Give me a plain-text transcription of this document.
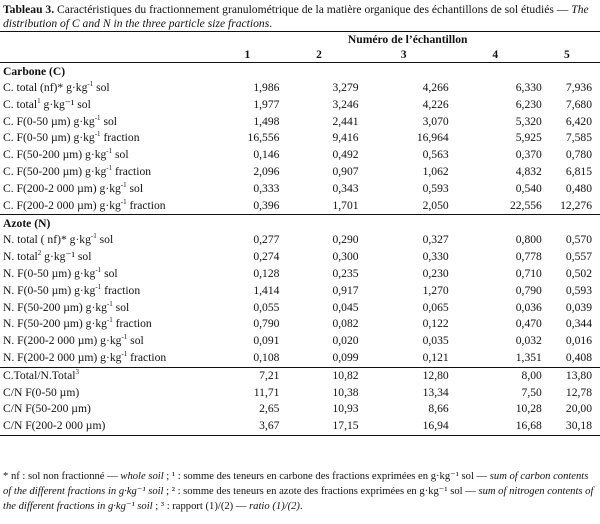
Tableau 3. Caractéristiques du fractionnement granulométrique de la matière organique des échantillons de sol étudiés — The distribution of C and N in the three particle size fractions.
	Numéro de l’échantillon				
	1	2	3	4	5
Carbone (C)					
C. total (nf)* $g\cdot kg^{-1}$ sol	1,986	3,279	4,266	6,330	7,936
C. total$^1$ g·kg⁻¹ sol	1,977	3,246	4,226	6,230	7,680
C. F(0-50 µm) $g\cdot kg^{-1}$ sol	1,498	2,441	3,070	5,320	6,420
C. F(0-50 µm) $g\cdot kg^{-1}$ fraction	16,556	9,416	16,964	5,925	7,585
C. F(50-200 µm) $g\cdot kg^{-1}$ sol	0,146	0,492	0,563	0,370	0,780
C. F(50-200 µm) $g\cdot kg^{-1}$ fraction	2,096	0,907	1,062	4,832	6,815
C. F(200-2 000 µm) $g\cdot kg^{-1}$ sol	0,333	0,343	0,593	0,540	0,480
C. F(200-2 000 µm) $g\cdot kg^{-1}$ fraction	0,396	1,701	2,050	22,556	12,276
Azote (N)					
N. total ( nf)* $g\cdot kg^{-1}$ sol	0,277	0,290	0,327	0,800	0,570
N. total$^2$ g·kg⁻¹ sol	0,274	0,300	0,330	0,778	0,557
N. F(0-50 µm) $g\cdot kg^{-1}$ sol	0,128	0,235	0,230	0,710	0,502
N. F(0-50 µm) $g\cdot kg^{-1}$ fraction	1,414	0,917	1,270	0,790	0,593
N. F(50-200 µm) $g\cdot kg^{-1}$ sol	0,055	0,045	0,065	0,036	0,039
N. F(50-200 µm) $g\cdot kg^{-1}$ fraction	0,790	0,082	0,122	0,470	0,344
N. F(200-2 000 µm) $g\cdot kg^{-1}$ sol	0,091	0,020	0,035	0,032	0,016
N. F(200-2 000 µm) $g\cdot kg^{-1}$ fraction	0,108	0,099	0,121	1,351	0,408
C.Total/N.Total$^3$	7,21	10,82	12,80	8,00	13,80
C/N F(0-50 µm)	11,71	10,38	13,34	7,50	12,78
C/N F(50-200 µm)	2,65	10,93	8,66	10,28	20,00
C/N F(200-2 000 µm)	3,67	17,15	16,94	16,68	30,18
* nf : sol non fractionné — whole soil ; ¹ : somme des teneurs en carbone des fractions exprimées en g·kg⁻¹ sol — sum of carbon contents of the different fractions in g·kg⁻¹ soil ; ² : somme des teneurs en azote des fractions exprimées en g·kg⁻¹ sol — sum of nitrogen contents of the different fractions in g·kg⁻¹ soil ; ³ : rapport (1)/(2) — ratio (1)/(2).
